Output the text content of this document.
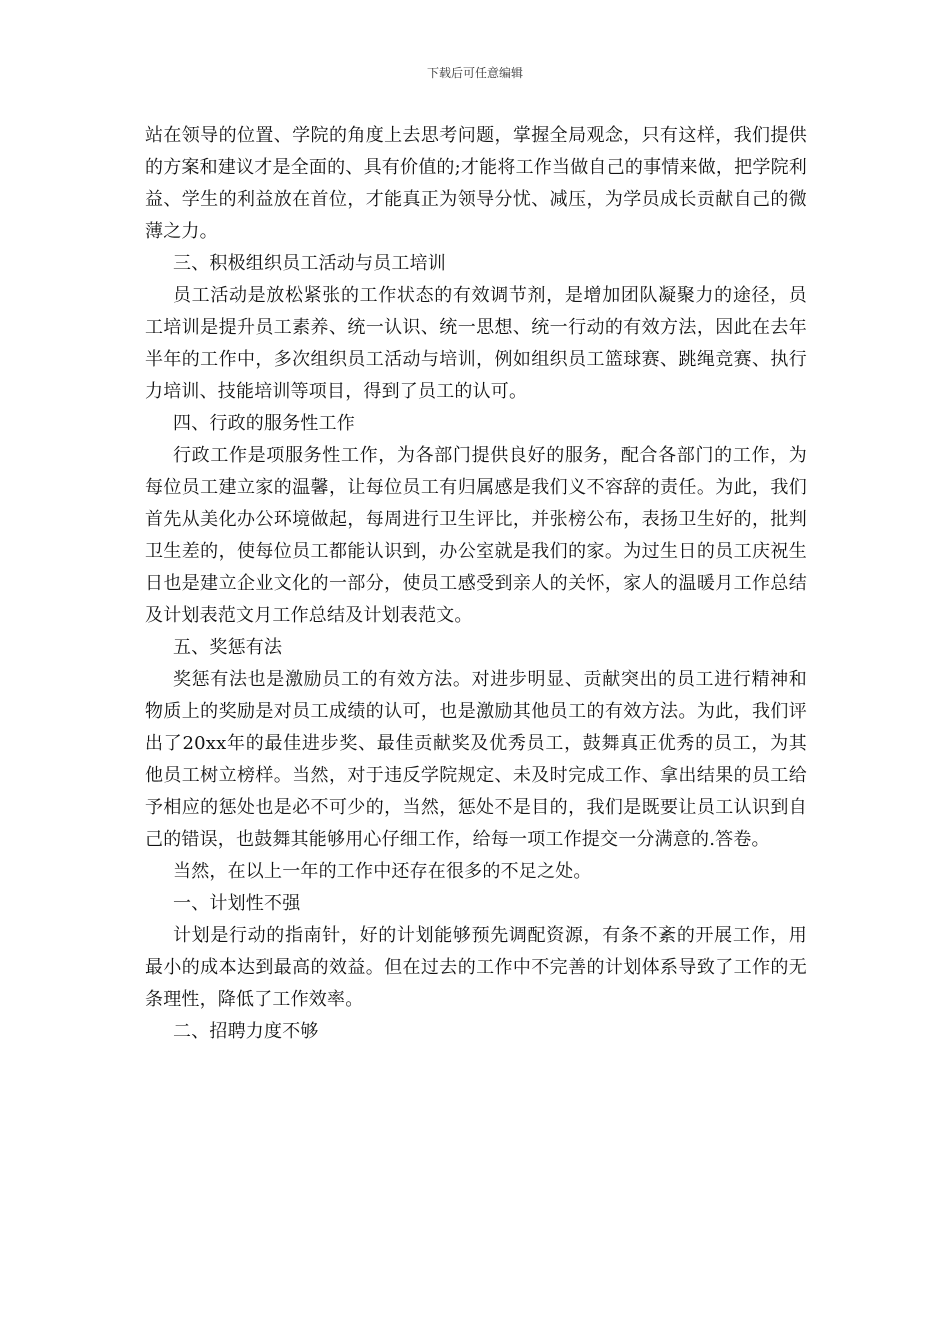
下载后可任意编辑

站在领导的位置、学院的角度上去思考问题，掌握全局观念，只有这样，我们提供的方案和建议才是全面的、具有价值的;才能将工作当做自己的事情来做，把学院利益、学生的利益放在首位，才能真正为领导分忧、减压，为学员成长贡献自己的微薄之力。

三、积极组织员工活动与员工培训

员工活动是放松紧张的工作状态的有效调节剂，是增加团队凝聚力的途径，员工培训是提升员工素养、统一认识、统一思想、统一行动的有效方法，因此在去年半年的工作中，多次组织员工活动与培训，例如组织员工篮球赛、跳绳竞赛、执行力培训、技能培训等项目，得到了员工的认可。

四、行政的服务性工作

行政工作是项服务性工作，为各部门提供良好的服务，配合各部门的工作，为每位员工建立家的温馨，让每位员工有归属感是我们义不容辞的责任。为此，我们首先从美化办公环境做起，每周进行卫生评比，并张榜公布，表扬卫生好的，批判卫生差的，使每位员工都能认识到，办公室就是我们的家。为过生日的员工庆祝生日也是建立企业文化的一部分，使员工感受到亲人的关怀，家人的温暖月工作总结及计划表范文月工作总结及计划表范文。

五、奖惩有法

奖惩有法也是激励员工的有效方法。对进步明显、贡献突出的员工进行精神和物质上的奖励是对员工成绩的认可，也是激励其他员工的有效方法。为此，我们评出了20xx年的最佳进步奖、最佳贡献奖及优秀员工，鼓舞真正优秀的员工，为其他员工树立榜样。当然，对于违反学院规定、未及时完成工作、拿出结果的员工给予相应的惩处也是必不可少的，当然，惩处不是目的，我们是既要让员工认识到自己的错误，也鼓舞其能够用心仔细工作，给每一项工作提交一分满意的.答卷。

当然，在以上一年的工作中还存在很多的不足之处。

一、计划性不强

计划是行动的指南针，好的计划能够预先调配资源，有条不紊的开展工作，用最小的成本达到最高的效益。但在过去的工作中不完善的计划体系导致了工作的无条理性，降低了工作效率。

二、招聘力度不够
